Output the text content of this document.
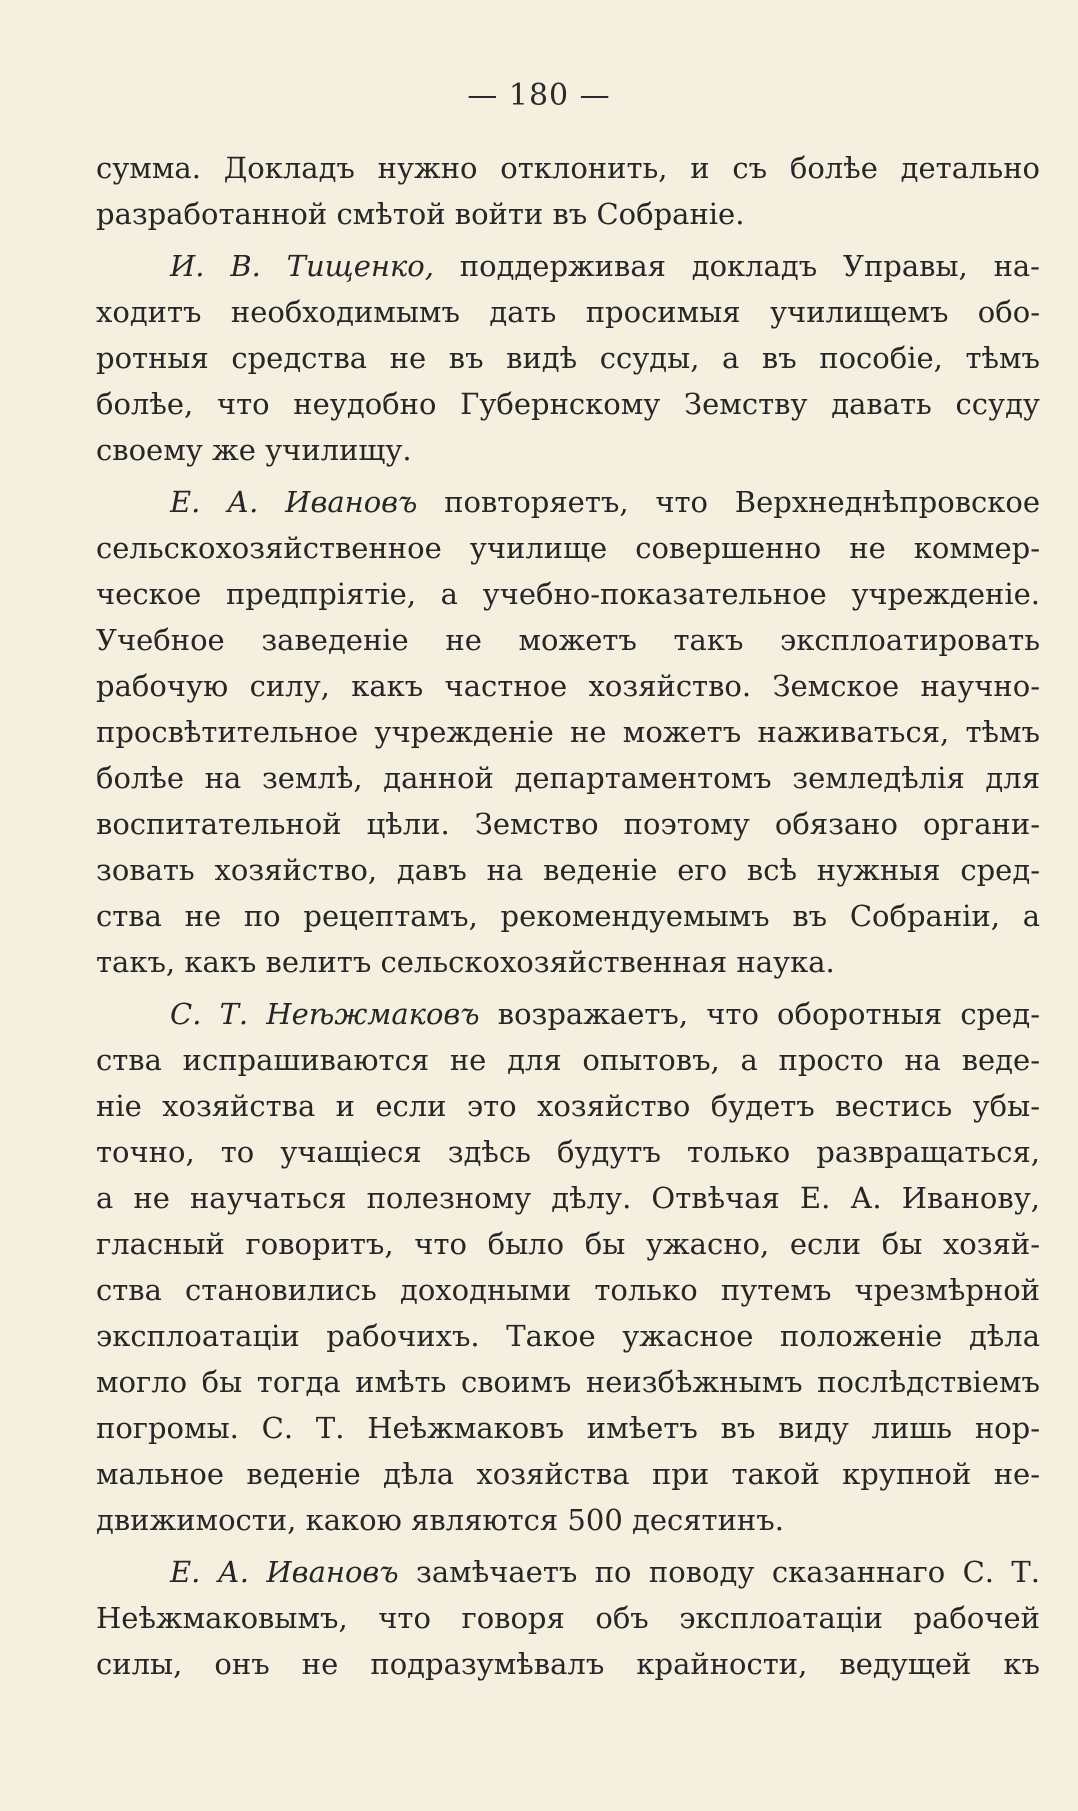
— 180 —
сумма. Докладъ нужно отклонить, и съ болѣе детально
разработанной смѣтой войти въ Собраніе.
И. В. Тищенко, поддерживая докладъ Управы, на-
ходитъ необходимымъ дать просимыя училищемъ обо-
ротныя средства не въ видѣ ссуды, а въ пособіе, тѣмъ
болѣе, что неудобно Губернскому Земству давать ссуду
своему же училищу.
Е. А. Ивановъ повторяетъ, что Верхнеднѣпровское
сельскохозяйственное училище совершенно не коммер-
ческое предпріятіе, а учебно-показательное учрежденіе.
Учебное заведеніе не можетъ такъ эксплоатировать
рабочую силу, какъ частное хозяйство. Земское научно-
просвѣтительное учрежденіе не можетъ наживаться, тѣмъ
болѣе на землѣ, данной департаментомъ земледѣлія для
воспитательной цѣли. Земство поэтому обязано органи-
зовать хозяйство, давъ на веденіе его всѣ нужныя сред-
ства не по рецептамъ, рекомендуемымъ въ Собраніи, а
такъ, какъ велитъ сельскохозяйственная наука.
С. Т. Неѣжмаковъ возражаетъ, что оборотныя сред-
ства испрашиваются не для опытовъ, а просто на веде-
ніе хозяйства и если это хозяйство будетъ вестись убы-
точно, то учащіеся здѣсь будутъ только развращаться,
а не научаться полезному дѣлу. Отвѣчая Е. А. Иванову,
гласный говоритъ, что было бы ужасно, если бы хозяй-
ства становились доходными только путемъ чрезмѣрной
эксплоатаціи рабочихъ. Такое ужасное положеніе дѣла
могло бы тогда имѣть своимъ неизбѣжнымъ послѣдствіемъ
погромы. С. Т. Неѣжмаковъ имѣетъ въ виду лишь нор-
мальное веденіе дѣла хозяйства при такой крупной не-
движимости, какою являются 500 десятинъ.
Е. А. Ивановъ замѣчаетъ по поводу сказаннаго С. Т.
Неѣжмаковымъ, что говоря объ эксплоатаціи рабочей
силы, онъ не подразумѣвалъ крайности, ведущей къ
